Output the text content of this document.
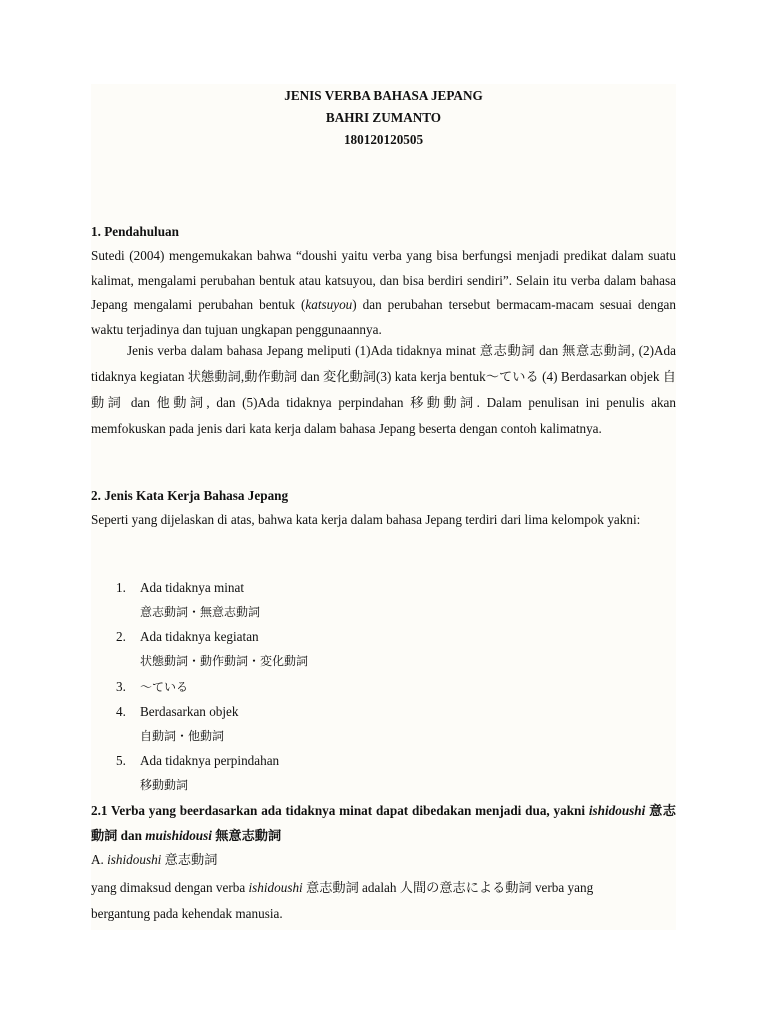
JENIS VERBA BAHASA JEPANG
BAHRI ZUMANTO
180120120505
1. Pendahuluan

Sutedi (2004) mengemukakan bahwa “doushi yaitu verba yang bisa berfungsi menjadi predikat dalam suatu kalimat, mengalami perubahan bentuk atau katsuyou, dan bisa berdiri sendiri”. Selain itu verba dalam bahasa Jepang mengalami perubahan bentuk (katsuyou) dan perubahan tersebut bermacam-macam sesuai dengan waktu terjadinya dan tujuan ungkapan penggunaannya.

Jenis verba dalam bahasa Jepang meliputi (1)Ada tidaknya minat 意志動詞 dan 無意志動詞, (2)Ada tidaknya kegiatan 状態動詞,動作動詞 dan 変化動詞(3) kata kerja bentuk～ている (4) Berdasarkan objek 自動詞 dan 他動詞, dan (5)Ada tidaknya perpindahan 移動動詞. Dalam penulisan ini penulis akan memfokuskan pada jenis dari kata kerja dalam bahasa Jepang beserta dengan contoh kalimatnya.

2. Jenis Kata Kerja Bahasa Jepang

Seperti yang dijelaskan di atas, bahwa kata kerja dalam bahasa Jepang terdiri dari lima kelompok yakni:

1. Ada tidaknya minat
意志動詞・無意志動詞
2. Ada tidaknya kegiatan
状態動詞・動作動詞・変化動詞
3. ～ている
4. Berdasarkan objek
自動詞・他動詞
5. Ada tidaknya perpindahan
移動動詞

2.1 Verba yang beerdasarkan ada tidaknya minat dapat dibedakan menjadi dua, yakni ishidoushi 意志動詞 dan muishidousi 無意志動詞

A. ishidoushi 意志動詞

yang dimaksud dengan verba ishidoushi 意志動詞 adalah 人間の意志による動詞 verba yang bergantung pada kehendak manusia.
